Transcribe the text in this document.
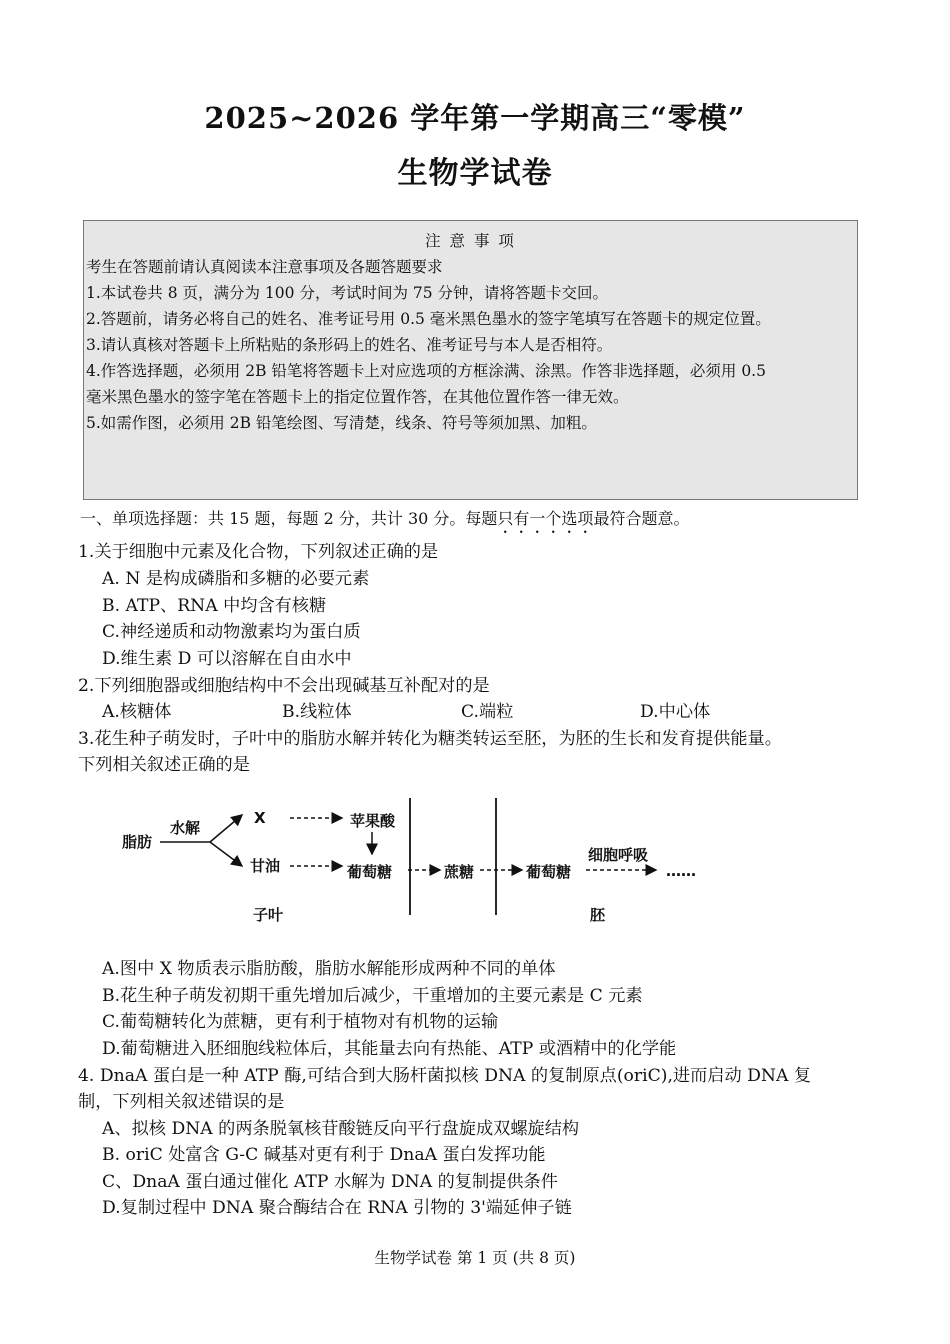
2025~2026 学年第一学期高三“零模”
生物学试卷
注 意 事 项
考生在答题前请认真阅读本注意事项及各题答题要求
1.本试卷共 8 页，满分为 100 分，考试时间为 75 分钟，请将答题卡交回。
2.答题前，请务必将自己的姓名、准考证号用 0.5 毫米黑色墨水的签字笔填写在答题卡的规定位置。
3.请认真核对答题卡上所粘贴的条形码上的姓名、准考证号与本人是否相符。
4.作答选择题，必须用 2B 铅笔将答题卡上对应选项的方框涂满、涂黑。作答非选择题，必须用 0.5
毫米黑色墨水的签字笔在答题卡上的指定位置作答，在其他位置作答一律无效。
5.如需作图，必须用 2B 铅笔绘图、写清楚，线条、符号等须加黑、加粗。
一、单项选择题：共 15 题，每题 2 分，共计 30 分。每题只有一个选项最符合题意。
1.关于细胞中元素及化合物，下列叙述正确的是
A. N 是构成磷脂和多糖的必要元素
B. ATP、RNA 中均含有核糖
C.神经递质和动物激素均为蛋白质
D.维生素 D 可以溶解在自由水中
2.下列细胞器或细胞结构中不会出现碱基互补配对的是
A.核糖体	B.线粒体	C.端粒	D.中心体
3.花生种子萌发时，子叶中的脂肪水解并转化为糖类转运至胚，为胚的生长和发育提供能量。
下列相关叙述正确的是
脂肪
水解
X
甘油
苹果酸
葡萄糖	蔗糖	葡萄糖
细胞呼吸
……
子叶	胚
A.图中 X 物质表示脂肪酸，脂肪水解能形成两种不同的单体
B.花生种子萌发初期干重先增加后减少，干重增加的主要元素是 C 元素
C.葡萄糖转化为蔗糖，更有利于植物对有机物的运输
D.葡萄糖进入胚细胞线粒体后，其能量去向有热能、ATP 或酒精中的化学能
4. DnaA 蛋白是一种 ATP 酶,可结合到大肠杆菌拟核 DNA 的复制原点(oriC),进而启动 DNA 复
制，下列相关叙述错误的是
A、拟核 DNA 的两条脱氧核苷酸链反向平行盘旋成双螺旋结构
B. oriC 处富含 G-C 碱基对更有利于 DnaA 蛋白发挥功能
C、DnaA 蛋白通过催化 ATP 水解为 DNA 的复制提供条件
D.复制过程中 DNA 聚合酶结合在 RNA 引物的 3'端延伸子链
生物学试卷 第 1 页 (共 8 页)
